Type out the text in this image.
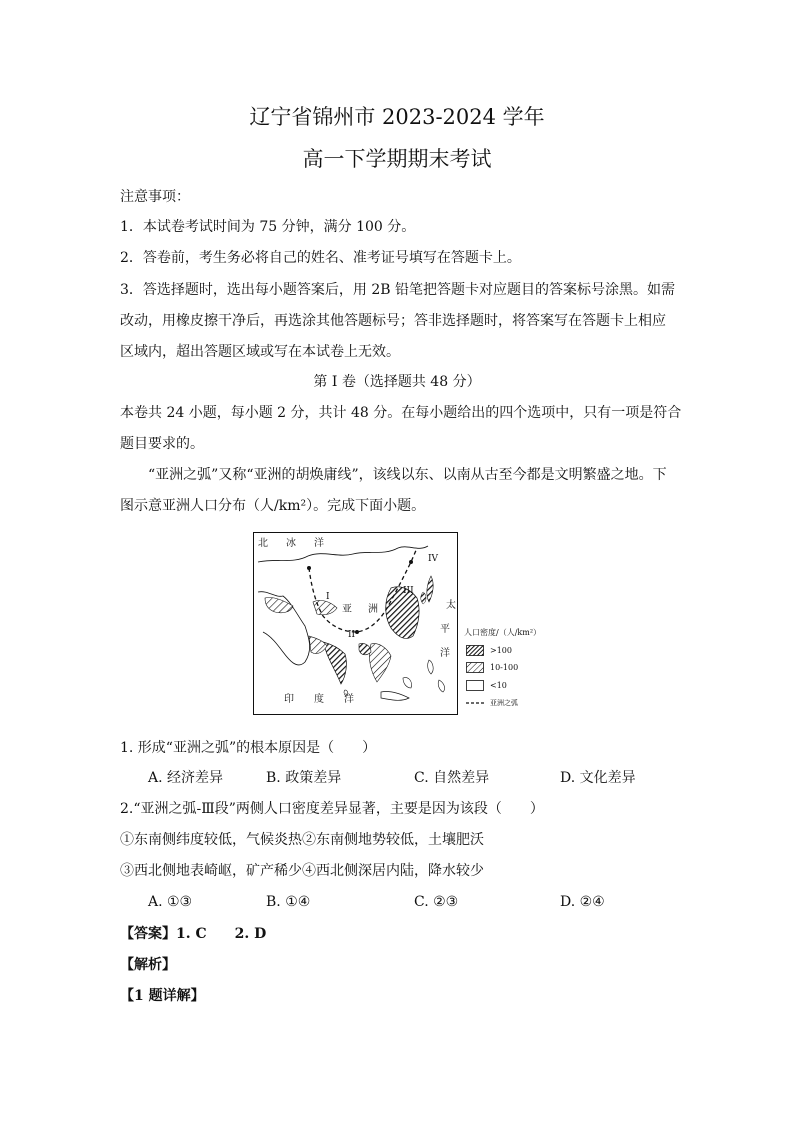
辽宁省锦州市 2023-2024 学年
高一下学期期末考试
注意事项：
1．本试卷考试时间为 75 分钟，满分 100 分。
2．答卷前，考生务必将自己的姓名、准考证号填写在答题卡上。
3．答选择题时，选出每小题答案后，用 2B 铅笔把答题卡对应题目的答案标号涂黑。如需
改动，用橡皮擦干净后，再选涂其他答题标号；答非选择题时，将答案写在答题卡上相应
区域内，超出答题区域或写在本试卷上无效。
第 I 卷（选择题共 48 分）
本卷共 24 小题，每小题 2 分，共计 48 分。在每小题给出的四个选项中，只有一项是符合
题目要求的。
“亚洲之弧”又称“亚洲的胡焕庸线”，该线以东、以南从古至今都是文明繁盛之地。下
图示意亚洲人口分布（人/km²）。完成下面小题。
北 冰 洋
I
II
III
IV
亚 洲	太
平
洋
印 度 洋
人口密度/（人/km²）
>100
10-100
<10
亚洲之弧
1. 形成“亚洲之弧”的根本原因是（　　）
A. 经济差异	B. 政策差异	C. 自然差异	D. 文化差异
2.“亚洲之弧-Ⅲ段”两侧人口密度差异显著，主要是因为该段（　　）
①东南侧纬度较低，气候炎热②东南侧地势较低，土壤肥沃
③西北侧地表崎岖，矿产稀少④西北侧深居内陆，降水较少
A. ①③	B. ①④	C. ②③	D. ②④
【答案】1. C　　2. D
【解析】
【1 题详解】
